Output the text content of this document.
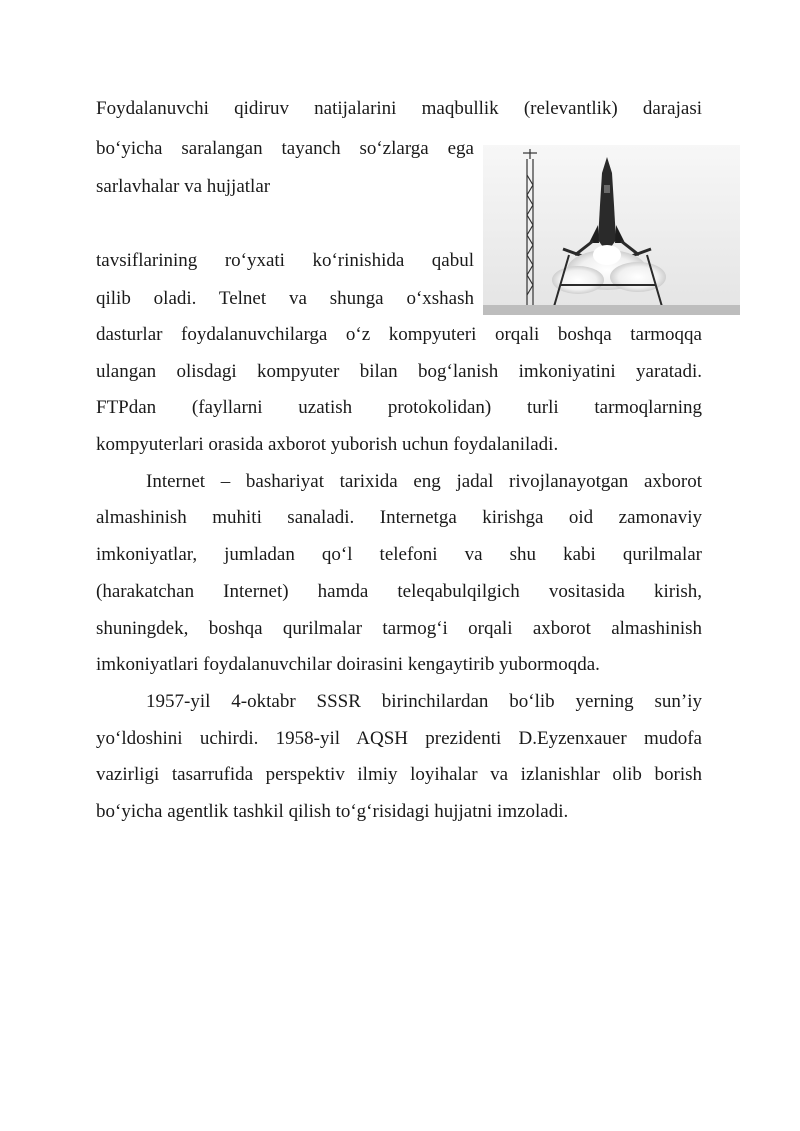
Foydalanuvchi qidiruv natijalarini maqbullik (relevantlik) darajasi
bo‘yicha saralangan tayanch so‘zlarga ega
sarlavhalar va hujjatlar
tavsiflarining ro‘yxati ko‘rinishida qabul
qilib oladi. Telnet va shunga o‘xshash
dasturlar foydalanuvchilarga o‘z kompyuteri orqali boshqa tarmoqqa
ulangan olisdagi kompyuter bilan bog‘lanish imkoniyatini yaratadi.
FTPdan (fayllarni uzatish protokolidan) turli tarmoqlarning
kompyuterlari orasida axborot yuborish uchun foydalaniladi.
Internet – bashariyat tarixida eng jadal rivojlanayotgan axborot
almashinish muhiti sanaladi. Internetga kirishga oid zamonaviy
imkoniyatlar, jumladan qo‘l telefoni va shu kabi qurilmalar
(harakatchan Internet) hamda teleqabulqilgich vositasida kirish,
shuningdek, boshqa qurilmalar tarmog‘i orqali axborot almashinish
imkoniyatlari foydalanuvchilar doirasini kengaytirib yubormoqda.
1957-yil 4-oktabr SSSR birinchilardan bo‘lib yerning sun’iy
yo‘ldoshini uchirdi. 1958-yil AQSH prezidenti D.Eyzenxauer mudofa
vazirligi tasarrufida perspektiv ilmiy loyihalar va izlanishlar olib borish
bo‘yicha agentlik tashkil qilish to‘g‘risidagi hujjatni imzoladi.
